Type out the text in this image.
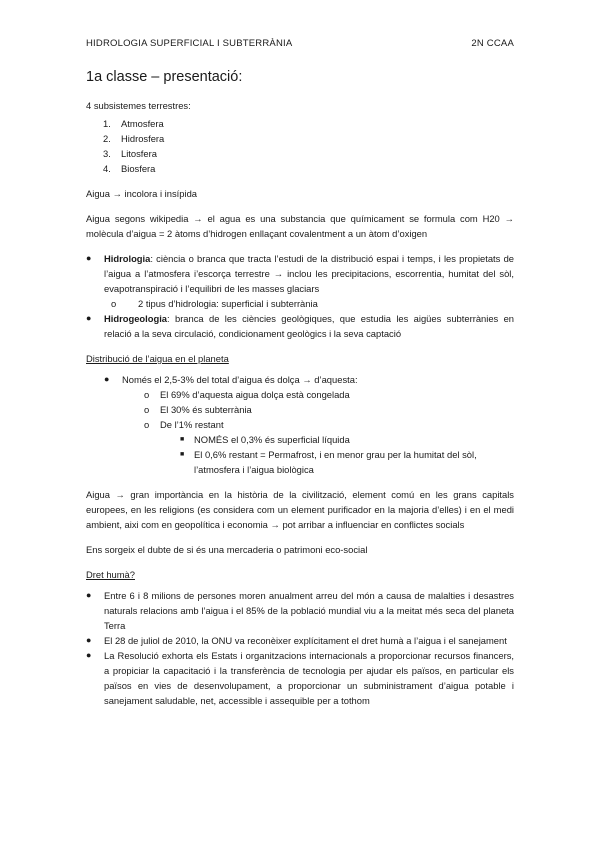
HIDROLOGIA SUPERFICIAL I SUBTERRÀNIA	2N CCAA
1a classe – presentació:

4 subsistemes terrestres:

1. Atmosfera
2. Hidrosfera
3. Litosfera
4. Biosfera

Aigua → incolora i insípida

Aigua segons wikipedia → el agua es una substancia que químicament se formula com H20 → molècula d’aigua = 2 àtoms d’hidrogen enllaçant covalentment a un àtom d’oxigen

● Hidrologia: ciència o branca que tracta l’estudi de la distribució espai i temps, i les propietats de l’aigua a l’atmosfera i’escorça terrestre → inclou les precipitacions, escorrentia, humitat del sòl, evapotranspiració i l’equilibri de les masses glaciars
o 2 tipus d’hidrologia: superficial i subterrània
● Hidrogeologia: branca de les ciències geològiques, que estudia les aigües subterrànies en relació a la seva circulació, condicionament geològics i la seva captació

Distribució de l’aigua en el planeta

● Només el 2,5-3% del total d’aigua és dolça → d’aquesta:
o El 69% d’aquesta aigua dolça està congelada
o El 30% és subterrània
o De l’1% restant
■ NOMÉS el 0,3% és superficial líquida
■ El 0,6% restant = Permafrost, i en menor grau per la humitat del sòl, l’atmosfera i l’aigua biològica

Aigua → gran importància en la història de la civilització, element comú en les grans capitals europees, en les religions (es considera com un element purificador en la majoria d’elles) i en el medi ambient, aixi com en geopolítica i economia → pot arribar a influenciar en conflictes socials

Ens sorgeix el dubte de si és una mercaderia o patrimoni eco-social

Dret humà?

● Entre 6 i 8 milions de persones moren anualment arreu del món a causa de malalties i desastres naturals relacions amb l’aigua i el 85% de la població mundial viu a la meitat més seca del planeta Terra
● El 28 de juliol de 2010, la ONU va reconèixer explícitament el dret humà a l’aigua i el sanejament
● La Resolució exhorta els Estats i organitzacions internacionals a proporcionar recursos financers, a propiciar la capacitació i la transferència de tecnologia per ajudar els països, en particular els països en vies de desenvolupament, a proporcionar un subministrament d’aigua potable i sanejament saludable, net, accessible i assequible per a tothom
